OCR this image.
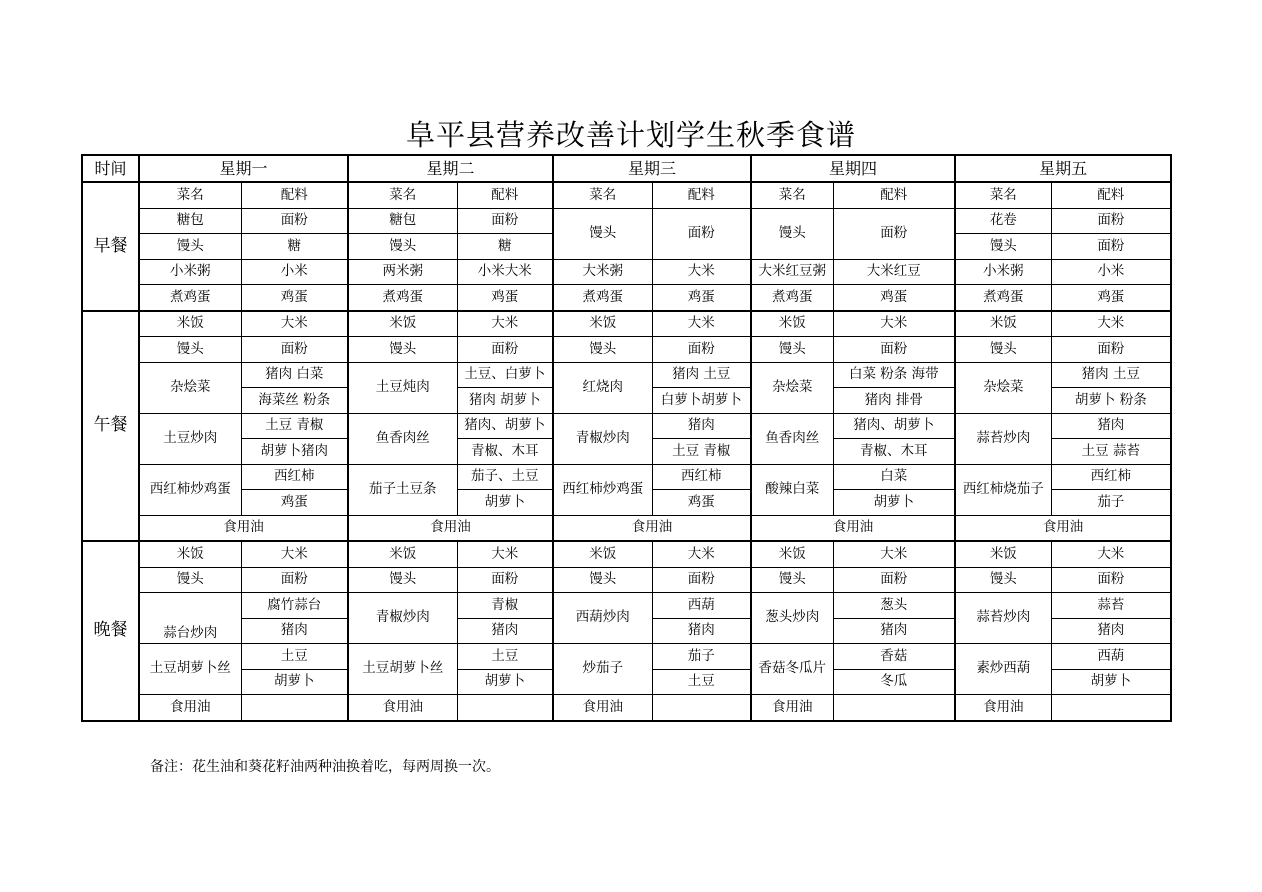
阜平县营养改善计划学生秋季食谱
时间	星期一		星期二		星期三		星期四		星期五	
早餐	菜名	配料	菜名	配料	菜名	配料	菜名	配料	菜名	配料
	糖包	面粉	糖包	面粉	馒头	面粉	馒头	面粉	花卷	面粉
	馒头	糖	馒头	糖					馒头	面粉
	小米粥	小米	两米粥	小米大米	大米粥	大米	大米红豆粥	大米红豆	小米粥	小米
	煮鸡蛋	鸡蛋	煮鸡蛋	鸡蛋	煮鸡蛋	鸡蛋	煮鸡蛋	鸡蛋	煮鸡蛋	鸡蛋
午餐	米饭	大米	米饭	大米	米饭	大米	米饭	大米	米饭	大米
	馒头	面粉	馒头	面粉	馒头	面粉	馒头	面粉	馒头	面粉
	杂烩菜	猪肉 白菜	土豆炖肉	土豆、白萝卜	红烧肉	猪肉 土豆	杂烩菜	白菜 粉条 海带	杂烩菜	猪肉 土豆
		海菜丝 粉条		猪肉 胡萝卜		白萝卜胡萝卜		猪肉 排骨		胡萝卜 粉条
	土豆炒肉	土豆 青椒	鱼香肉丝	猪肉、胡萝卜	青椒炒肉	猪肉	鱼香肉丝	猪肉、胡萝卜	蒜苔炒肉	猪肉
		胡萝卜猪肉		青椒、木耳		土豆 青椒		青椒、木耳		土豆 蒜苔
	西红柿炒鸡蛋	西红柿	茄子土豆条	茄子、土豆	西红柿炒鸡蛋	西红柿	酸辣白菜	白菜	西红柿烧茄子	西红柿
		鸡蛋		胡萝卜		鸡蛋		胡萝卜		茄子
	食用油		食用油		食用油		食用油		食用油	
晚餐	米饭	大米	米饭	大米	米饭	大米	米饭	大米	米饭	大米
	馒头	面粉	馒头	面粉	馒头	面粉	馒头	面粉	馒头	面粉
	蒜台炒肉	腐竹蒜台	青椒炒肉	青椒	西葫炒肉	西葫	葱头炒肉	葱头	蒜苔炒肉	蒜苔
		猪肉		猪肉		猪肉		猪肉		猪肉
	土豆胡萝卜丝	土豆	土豆胡萝卜丝	土豆	炒茄子	茄子	香菇冬瓜片	香菇	素炒西葫	西葫
		胡萝卜		胡萝卜		土豆		冬瓜		胡萝卜
	食用油		食用油		食用油		食用油		食用油	
备注：花生油和葵花籽油两种油换着吃，每两周换一次。
